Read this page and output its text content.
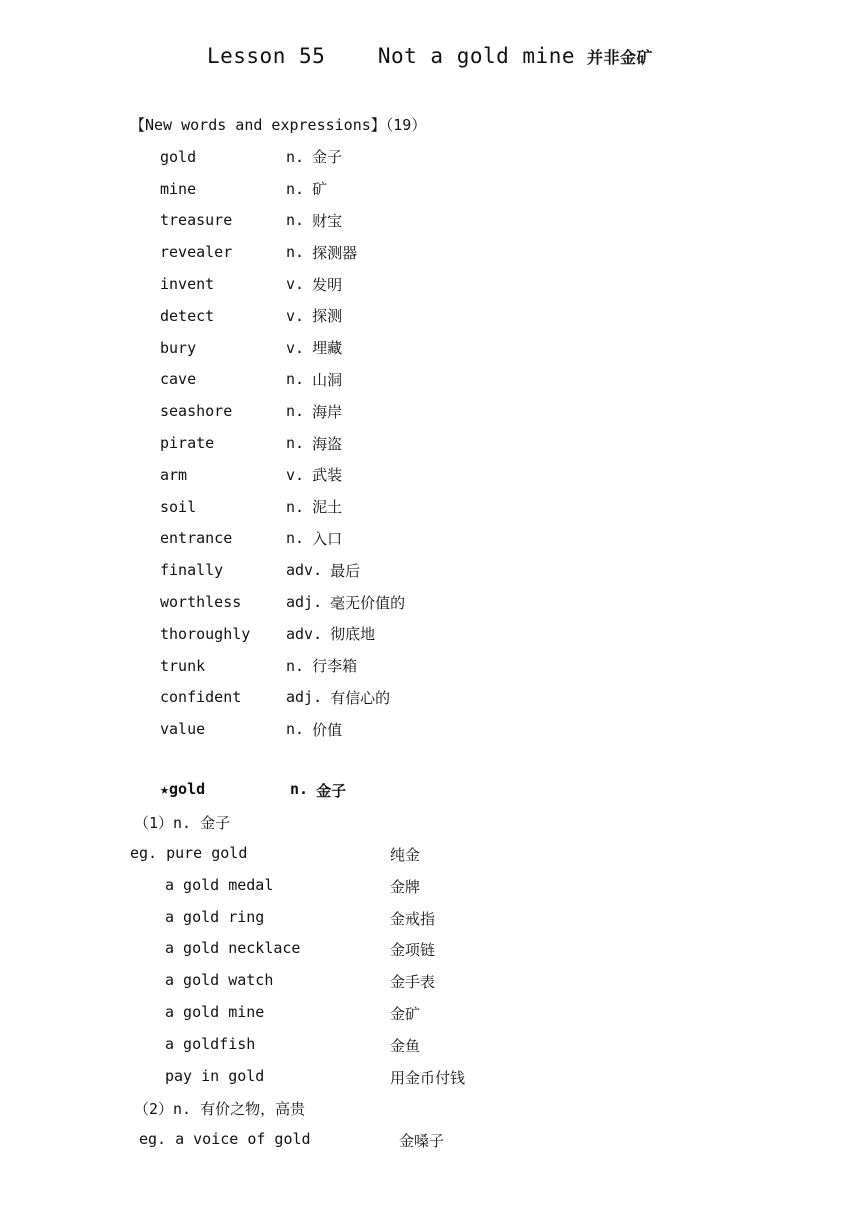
Lesson 55    Not a gold mine 并非金矿
【New words and expressions】（19）
gold	n. 金子
mine	n. 矿
treasure	n. 财宝
revealer	n. 探测器
invent	v. 发明
detect	v. 探测
bury	v. 埋藏
cave	n. 山洞
seashore	n. 海岸
pirate	n. 海盗
arm	v. 武装
soil	n. 泥土
entrance	n. 入口
finally	adv. 最后
worthless	adj. 毫无价值的
thoroughly	adv. 彻底地
trunk	n. 行李箱
confident	adj. 有信心的
value	n. 价值
★gold	n. 金子
（1）n. 金子
eg. pure gold	纯金
a gold medal	金牌
a gold ring	金戒指
a gold necklace	金项链
a gold watch	金手表
a gold mine	金矿
a goldfish	金鱼
pay in gold	用金币付钱
（2）n. 有价之物，高贵
eg. a voice of gold	金嗓子
